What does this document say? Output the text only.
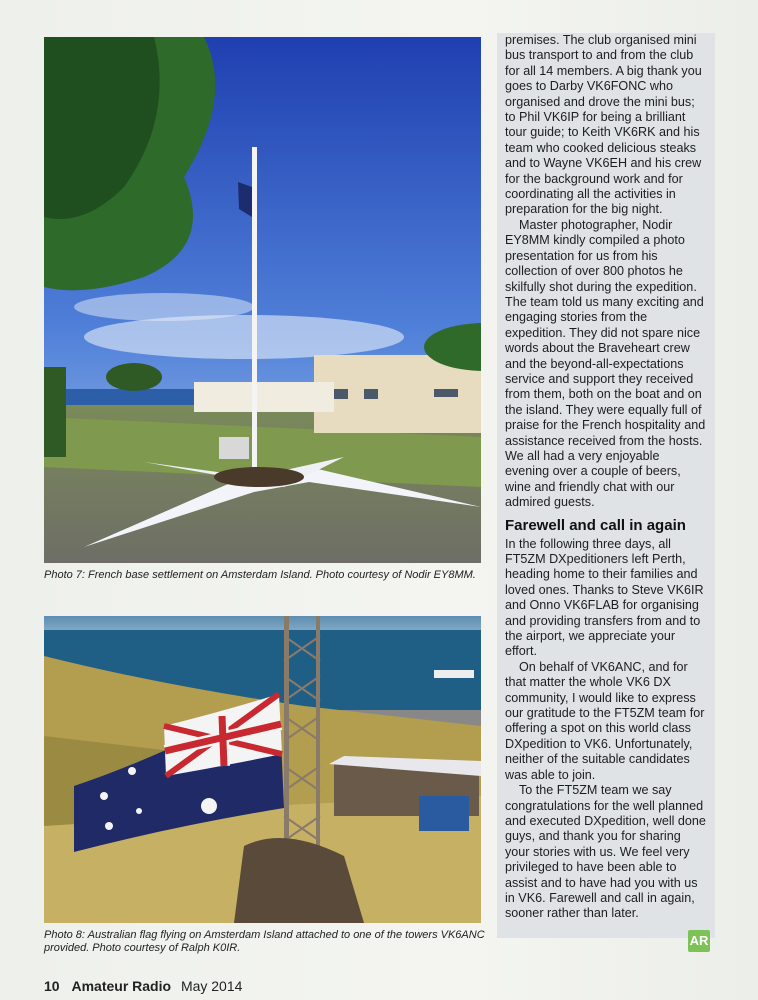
Photo 7: French base settlement on Amsterdam Island. Photo courtesy of Nodir EY8MM.
Photo 8: Australian flag flying on Amsterdam Island attached to one of the towers VK6ANC provided. Photo courtesy of Ralph K0IR.

premises. The club organised mini bus transport to and from the club for all 14 members. A big thank you goes to Darby VK6FONC who organised and drove the mini bus; to Phil VK6IP for being a brilliant tour guide; to Keith VK6RK and his team who cooked delicious steaks and to Wayne VK6EH and his crew for the background work and for coordinating all the activities in preparation for the big night.

Master photographer, Nodir EY8MM kindly compiled a photo presentation for us from his collection of over 800 photos he skilfully shot during the expedition. The team told us many exciting and engaging stories from the expedition. They did not spare nice words about the Braveheart crew and the beyond-all-expectations service and support they received from them, both on the boat and on the island. They were equally full of praise for the French hospitality and assistance received from the hosts. We all had a very enjoyable evening over a couple of beers, wine and friendly chat with our admired guests.

Farewell and call in again

In the following three days, all FT5ZM DXpeditioners left Perth, heading home to their families and loved ones. Thanks to Steve VK6IR and Onno VK6FLAB for organising and providing transfers from and to the airport, we appreciate your effort.

On behalf of VK6ANC, and for that matter the whole VK6 DX community, I would like to express our gratitude to the FT5ZM team for offering a spot on this world class DXpedition to VK6. Unfortunately, neither of the suitable candidates was able to join.

To the FT5ZM team we say congratulations for the well planned and executed DXpedition, well done guys, and thank you for sharing your stories with us. We feel very privileged to have been able to assist and to have had you with us in VK6. Farewell and call in again, sooner rather than later.

AR
10 Amateur Radio May 2014
